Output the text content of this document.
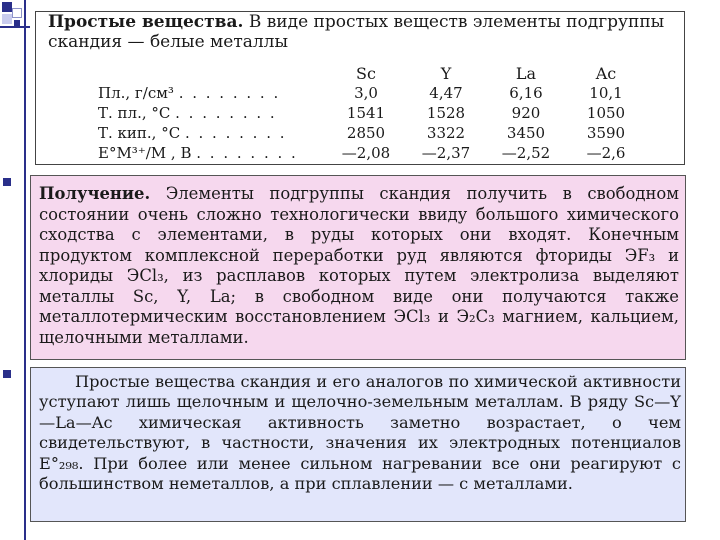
Простые вещества. В виде простых веществ элементы подгруппы скандия — белые металлы
	Sc	Y	La	Ac
Пл., г/см³ . . . . . . . .	3,0	4,47	6,16	10,1
Т. пл., °С . . . . . . . .	1541	1528	920	1050
Т. кип., °С . . . . . . . .	2850	3322	3450	3590
E°М³⁺/М , В . . . . . . . .	—2,08	—2,37	—2,52	—2,6
Получение. Элементы подгруппы скандия получить в свободном состоянии очень сложно технологически ввиду большого химического сходства с элементами, в руды которых они входят. Конечным продуктом комплексной переработки руд являются фториды ЭF₃ и хлориды ЭCl₃, из расплавов которых путем электролиза выделяют металлы Sc, Y, La; в свободном виде они получаются также металлотермическим восстановлением ЭCl₃ и Э₂С₃ магнием, кальцием, щелочными металлами.
Простые вещества скандия и его аналогов по химической активности уступают лишь щелочным и щелочно-земельным металлам. В ряду Sc—Y—La—Ac химическая активность заметно возрастает, о чем свидетельствуют, в частности, значения их электродных потенциалов E°₂₉₈. При более или менее сильном нагревании все они реагируют с большинством неметаллов, а при сплавлении — с металлами.
